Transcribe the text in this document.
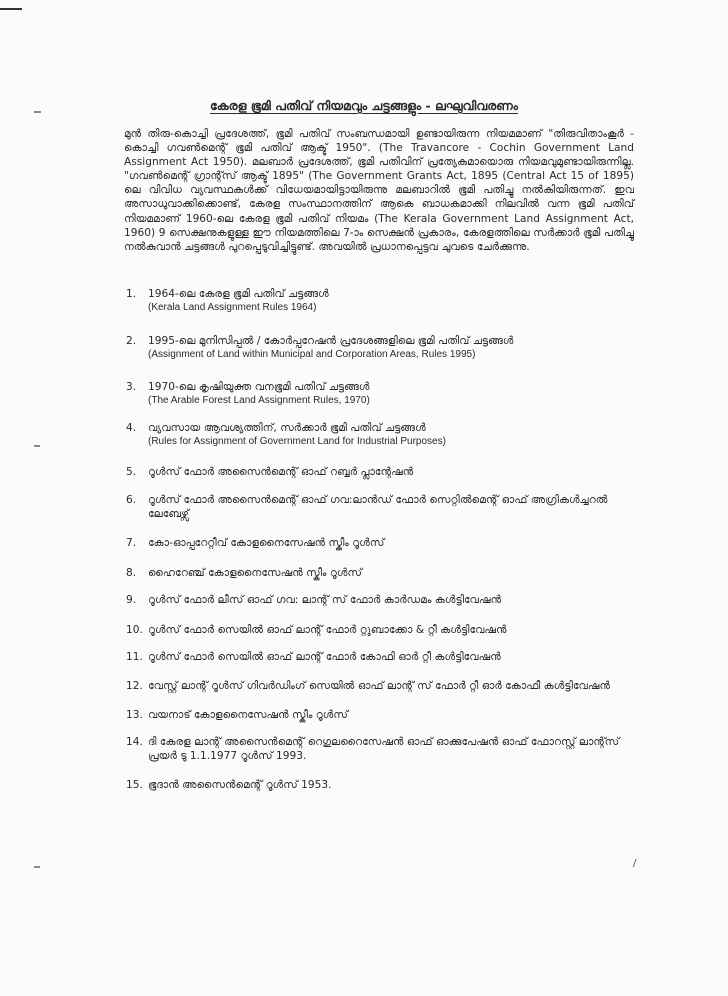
കേരള ഭൂമി പതിവ് നിയമവും ചട്ടങ്ങളും - ലഘുവിവരണം
മുൻ തിരു-കൊച്ചി പ്രദേശത്ത്, ഭൂമി പതിവ് സംബന്ധമായി ഉണ്ടായിരുന്ന നിയമമാണ് "തിരുവിതാംകൂർ - കൊച്ചി ഗവൺമെന്റ് ഭൂമി പതിവ് ആക്ട് 1950". (The Travancore - Cochin Government Land Assignment Act 1950). മലബാർ പ്രദേശത്ത്, ഭൂമി പതിവിന് പ്രത്യേകമായൊരു നിയമവുമുണ്ടായിരുന്നില്ല. "ഗവൺമെന്റ് ഗ്രാന്റ്സ് ആക്ട് 1895" (The Government Grants Act, 1895 (Central Act 15 of 1895) ലെ വിവിധ വ്യവസ്ഥകൾക്ക് വിധേയമായിട്ടായിരുന്നു മലബാറിൽ ഭൂമി പതിച്ചു നൽകിയിരുന്നത്. ഇവ അസാധുവാക്കിക്കൊണ്ട്, കേരള സംസ്ഥാനത്തിന് ആകെ ബാധകമാക്കി നിലവിൽ വന്ന ഭൂമി പതിവ് നിയമമാണ് 1960-ലെ കേരള ഭൂമി പതിവ് നിയമം (The Kerala Government Land Assignment Act, 1960) 9 സെക്ഷനുകളുള്ള ഈ നിയമത്തിലെ 7-ാം സെക്ഷൻ പ്രകാരം, കേരളത്തിലെ സർക്കാർ ഭൂമി പതിച്ചു നൽകുവാൻ ചട്ടങ്ങൾ പുറപ്പെടുവിച്ചിട്ടുണ്ട്. അവയിൽ പ്രധാനപ്പെട്ടവ ചുവടെ ചേർക്കുന്നു.
1.	1964-ലെ കേരള ഭൂമി പതിവ് ചട്ടങ്ങൾ
(Kerala Land Assignment Rules 1964)
2.	1995-ലെ മുനിസിപ്പൽ / കോർപ്പറേഷൻ പ്രദേശങ്ങളിലെ ഭൂമി പതിവ് ചട്ടങ്ങൾ
(Assignment of Land within Municipal and Corporation Areas, Rules 1995)
3.	1970-ലെ കൃഷിയുക്ത വനഭൂമി പതിവ് ചട്ടങ്ങൾ
(The Arable Forest Land Assignment Rules, 1970)
4.	വ്യവസായ ആവശ്യത്തിന്, സർക്കാർ ഭൂമി പതിവ് ചട്ടങ്ങൾ
(Rules for Assignment of Government Land for Industrial Purposes)
5.	റൂൾസ് ഫോർ അസൈൻമെന്റ് ഓഫ് റബ്ബർ പ്ലാന്റേഷൻ
6.	റൂൾസ് ഫോർ അസൈൻമെന്റ് ഓഫ് ഗവ:ലാൻഡ് ഫോർ സെറ്റിൽമെന്റ് ഓഫ് അഗ്രികൾച്ചറൽ ലേബേഴ്സ്
7.	കോ-ഓപ്പറേറ്റീവ് കോളനൈസേഷൻ സ്കീം റൂൾസ്
8.	ഹൈറേഞ്ച് കോളനൈസേഷൻ സ്കീം റൂൾസ്
9.	റൂൾസ് ഫോർ ലീസ് ഓഫ് ഗവ: ലാന്റ് സ് ഫോർ കാർഡമം കൾട്ടിവേഷൻ
10. റൂൾസ് ഫോർ സെയിൽ ഓഫ് ലാന്റ് ഫോർ റ്റുബാക്കോ & റ്റീ കൾട്ടിവേഷൻ
11. റൂൾസ് ഫോർ സെയിൽ ഓഫ് ലാന്റ് ഫോർ കോഫി ഓർ റ്റീ കൾട്ടിവേഷൻ
12. വേസ്റ്റ് ലാന്റ് റൂൾസ് ഗിവർഡിംഗ് സെയിൽ ഓഫ് ലാന്റ് സ് ഫോർ റ്റീ ഓർ കോഫീ കൾട്ടിവേഷൻ
13. വയനാട് കോളനൈസേഷൻ സ്കീം റൂൾസ്
14. ദി കേരള ലാന്റ് അസൈൻമെന്റ് റെഗുലറൈസേഷൻ ഓഫ് ഓക്കുപേഷൻ ഓഫ് ഫോറസ്റ്റ് ലാന്റ്സ് പ്രയർ ടു 1.1.1977 റൂൾസ് 1993.
15. ഭൂദാൻ അസൈൻമെന്റ് റൂൾസ് 1953.
/
